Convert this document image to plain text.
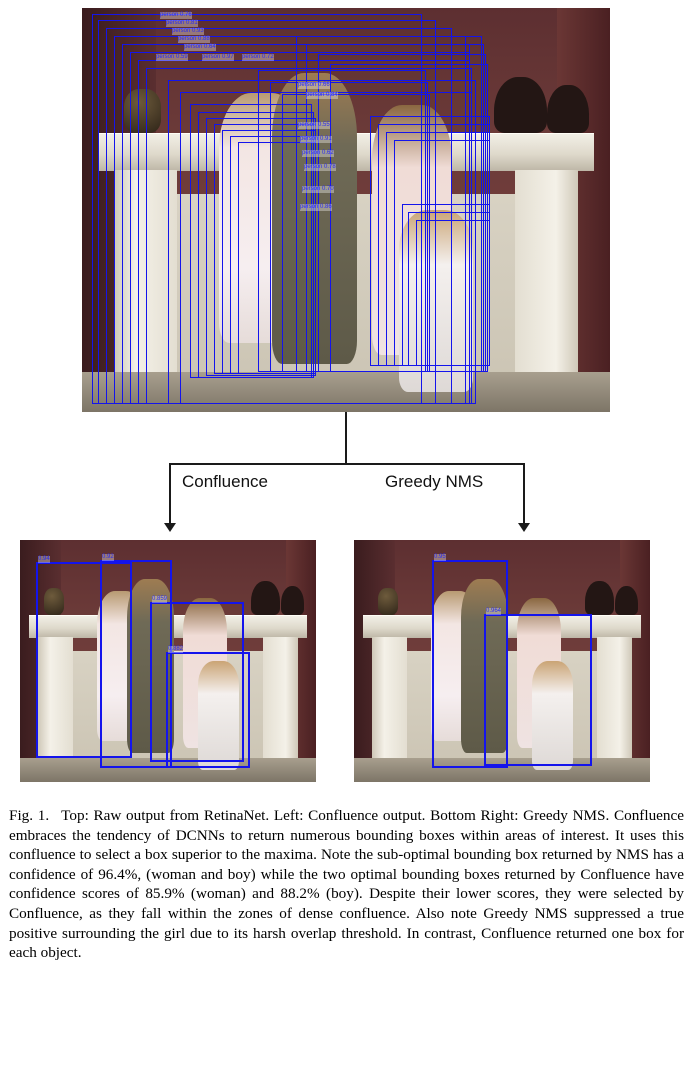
person 0.76
person 0.81
person 0.93
person 0.88
person 0.64
person 0.59 person 0.97 person 0.72
person 0.66
person 0.84
person 0.55
person 0.91
person 0.62
person 0.78
person 0.70
person 0.86
Confluence	Greedy NMS
0.94	0.92
0.859
0.882
0.95
0.964
Fig. 1. Top: Raw output from RetinaNet. Left: Confluence output. Bottom Right: Greedy NMS. Confluence embraces the tendency of DCNNs to return numerous bounding boxes within areas of interest. It uses this confluence to select a box superior to the maxima. Note the sub-optimal bounding box returned by NMS has a confidence of 96.4%, (woman and boy) while the two optimal bounding boxes returned by Confluence have confidence scores of 85.9% (woman) and 88.2% (boy). Despite their lower scores, they were selected by Confluence, as they fall within the zones of dense confluence. Also note Greedy NMS suppressed a true positive surrounding the girl due to its harsh overlap threshold. In contrast, Confluence returned one box for each object.
